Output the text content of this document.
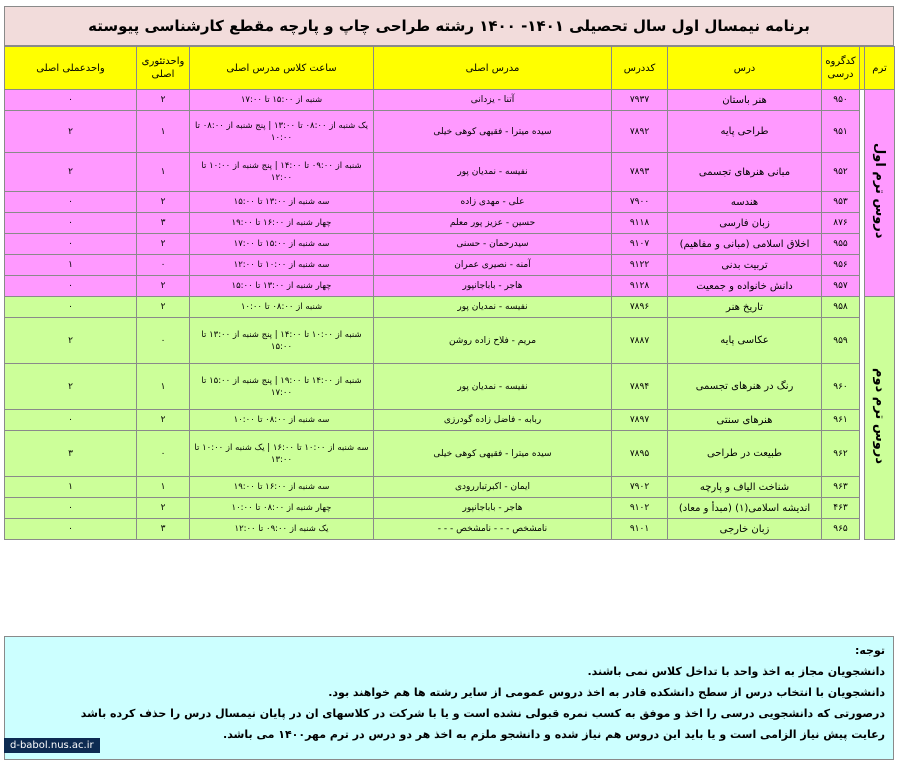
برنامه نیمسال اول سال تحصیلی ۱۴۰۱- ۱۴۰۰ رشته طراحی چاپ و پارچه مقطع کارشناسی پیوسته
ترم		کدگروه درسی	درس	کددرس	مدرس اصلی	ساعت کلاس مدرس اصلی	واحدتئوری اصلی	واحدعملی اصلی
دروس ترم اول		۹۵۰	هنر باستان	۷۹۳۷	آتنا - یزدانی	شنبه از ۱۵:۰۰ تا ۱۷:۰۰	۲	۰
		۹۵۱	طراحی پایه	۷۸۹۲	سیده میترا - فقیهی کوهی خیلی	یک شنبه از ۰۸:۰۰ تا ۱۳:۰۰ | پنج شنبه از ۰۸:۰۰ تا ۱۰:۰۰	۱	۲
		۹۵۲	مبانی هنرهای تجسمی	۷۸۹۳	نفیسه - نمدیان پور	شنبه از ۰۹:۰۰ تا ۱۴:۰۰ | پنج شنبه از ۱۰:۰۰ تا ۱۲:۰۰	۱	۲
		۹۵۳	هندسه	۷۹۰۰	علی - مهدی زاده	سه شنبه از ۱۳:۰۰ تا ۱۵:۰۰	۲	۰
		۸۷۶	زبان فارسی	۹۱۱۸	حسین - عزیز پور معلم	چهار شنبه از ۱۶:۰۰ تا ۱۹:۰۰	۳	۰
		۹۵۵	اخلاق اسلامی (مبانی و مفاهیم)	۹۱۰۷	سیدرحمان - حسنی	سه شنبه از ۱۵:۰۰ تا ۱۷:۰۰	۲	۰
		۹۵۶	تربیت بدنی	۹۱۲۲	آمنه - نصیری عمران	سه شنبه از ۱۰:۰۰ تا ۱۲:۰۰	۰	۱
		۹۵۷	دانش خانواده و جمعیت	۹۱۲۸	هاجر - باباجانپور	چهار شنبه از ۱۳:۰۰ تا ۱۵:۰۰	۲	۰
دروس ترم دوم		۹۵۸	تاریخ هنر	۷۸۹۶	نفیسه - نمدیان پور	شنبه از ۰۸:۰۰ تا ۱۰:۰۰	۲	۰
		۹۵۹	عکاسی پایه	۷۸۸۷	مریم - فلاح زاده روشن	شنبه از ۱۰:۰۰ تا ۱۴:۰۰ | پنج شنبه از ۱۳:۰۰ تا ۱۵:۰۰	۰	۲
		۹۶۰	رنگ در هنرهای تجسمی	۷۸۹۴	نفیسه - نمدیان پور	شنبه از ۱۴:۰۰ تا ۱۹:۰۰ | پنج شنبه از ۱۵:۰۰ تا ۱۷:۰۰	۱	۲
		۹۶۱	هنرهای سنتی	۷۸۹۷	ربابه - فاضل زاده گودرزی	سه شنبه از ۰۸:۰۰ تا ۱۰:۰۰	۲	۰
		۹۶۲	طبیعت در طراحی	۷۸۹۵	سیده میترا - فقیهی کوهی خیلی	سه شنبه از ۱۰:۰۰ تا ۱۶:۰۰ | یک شنبه از ۱۰:۰۰ تا ۱۳:۰۰	۰	۳
		۹۶۳	شناخت الیاف و پارچه	۷۹۰۲	ایمان - اکبرتباررودی	سه شنبه از ۱۶:۰۰ تا ۱۹:۰۰	۱	۱
		۴۶۳	اندیشه اسلامی(۱) (مبدأ و معاد)	۹۱۰۲	هاجر - باباجانپور	چهار شنبه از ۰۸:۰۰ تا ۱۰:۰۰	۲	۰
		۹۶۵	زبان خارجی	۹۱۰۱	نامشخص - - - نامشخص - - -	یک شنبه از ۰۹:۰۰ تا ۱۲:۰۰	۳	۰
توجه:
دانشجویان مجاز به اخذ واحد با تداخل کلاس نمی باشند.
دانشجویان با انتخاب درس از سطح دانشکده قادر به اخذ دروس عمومی از سایر رشته ها هم خواهند بود.
درصورتی که دانشجویی درسی را اخذ و موفق به کسب نمره قبولی نشده است و یا با شرکت در کلاسهای ان در پایان نیمسال درس را حذف کرده باشد
رعایت پیش نیاز الزامی است و یا باید این دروس هم نیاز شده و دانشجو ملزم به اخذ هر دو درس در ترم مهر۱۴۰۰ می باشد.
d-babol.nus.ac.ir
